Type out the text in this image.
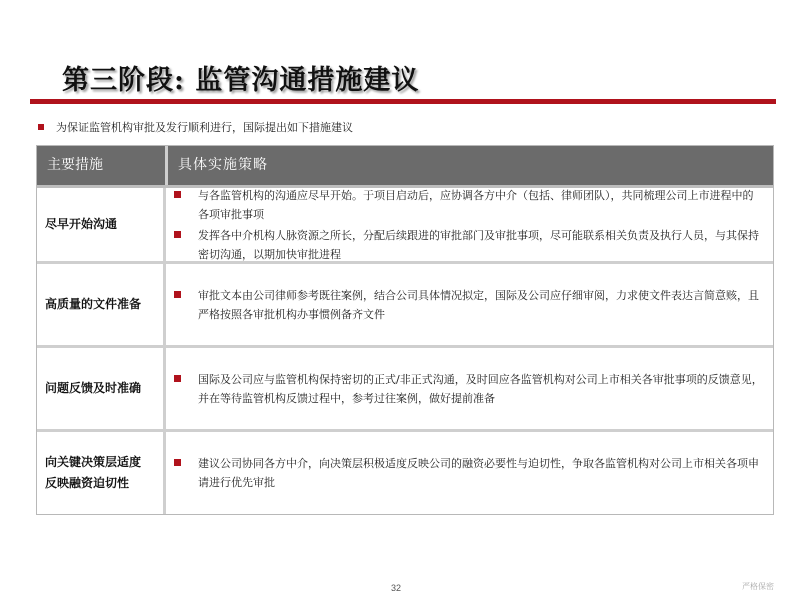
第三阶段: 监管沟通措施建议
为保证监管机构审批及发行顺利进行，国际提出如下措施建议
主要措施	具体实施策略
尽早开始沟通
与各监管机构的沟通应尽早开始。于项目启动后，应协调各方中介（包括、律师团队），共同梳理公司上市进程中的各项审批事项
发挥各中介机构人脉资源之所长，分配后续跟进的审批部门及审批事项，尽可能联系相关负责及执行人员，与其保持密切沟通，以期加快审批进程
高质量的文件准备
审批文本由公司律师参考既往案例，结合公司具体情况拟定，国际及公司应仔细审阅，力求使文件表达言简意赅，且严格按照各审批机构办事惯例备齐文件
问题反馈及时准确
国际及公司应与监管机构保持密切的正式/非正式沟通，及时回应各监管机构对公司上市相关各审批事项的反馈意见，并在等待监管机构反馈过程中，参考过往案例，做好提前准备
向关键决策层适度
反映融资迫切性
建议公司协同各方中介，向决策层积极适度反映公司的融资必要性与迫切性，争取各监管机构对公司上市相关各项申请进行优先审批
32	严格保密
